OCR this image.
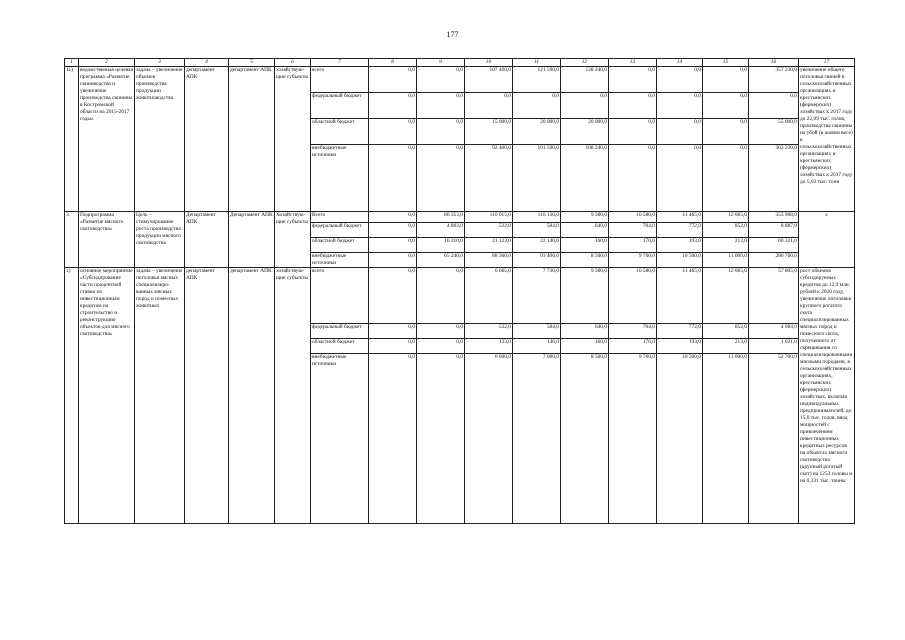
177
1	2	3	4	5	6	7	8	9	10	11	12	13	14	15	16	17
11)	ведомственная целевая программа «Развитие свиноводства и увеличение производства свинины в Костромской области на 2015-2017 годы»	задача – увеличение объемов производства продукции животноводства	департамент АПК	департамент АПК	хозяйствую-щие субъекты	всего	0,0	0,0	107 400,0	121 590,0	128 240,0	0,0	0,0	0,0	357 230,0	увеличение общего поголовья свиней в сельскохозяйственных организациях и крестьянских (фермерских) хозяйствах к 2017 году до 22,09 тыс. голов, производства свинины на убой (в живом весе) в сельскохозяйственных организациях и крестьянских (фермерских) хозяйствах к 2017 году до 5,03 тыс. тонн
						федеральный бюджет	0,0	0,0	0,0	0,0	0,0	0,0	0,0	0,0	0,0	
						областной бюджет	0,0	0,0	15 000,0	20 000,0	20 000,0	0,0	0,0	0,0	55 000,0	
						внебюджетные источники	0,0	0,0	92 400,0	101 590,0	108 240,0	0,0	0,0	0,0	302 230,0	
3.	Подпрограмма «Развитие мясного скотоводства»	Цель – стимулирование роста производства продукции мясного скотоводства	Департамент АПК	Департамент АПК	Хозяйствую-щие субъекты	Всего	0,0	86 353,0	110 015,0	116 136,0	9 300,0	10 580,0	11 465,0	12 065,0	355 908,0	х
						федеральный бюджет	0,0	4 803,0	532,0	584,0	640,0	704,0	772,0	852,0	8 887,0	
						областной бюджет	0,0	16 310,0	21 123,0	22 146,0	160,0	176,0	193,0	213,0	60 321,0	
						внебюджетные источники	0,0	65 240,0	88 360,0	93 406,0	8 500,0	9 700,0	10 500,0	11 000,0	286 700,0	
1)	основное мероприятие «Субсидирование части процентной ставки по инвестиционным кредитам на строительство и реконструкцию объектов для мясного скотоводства»	задача – увеличение поголовья мясных специализиро-ванных мясных пород и помесных животных	департамент АПК	департамент АПК	хозяйствую-щие субъекты	всего	0,0	0,0	6 665,0	7 730,0	9 300,0	10 580,0	11 465,0	12 065,0	57 805,0	рост объемов субсидируемых кредитов до 12,9 млн. рублей к 2020 году, увеличение поголовья крупного рогатого скота специализированных мясных пород и помесного скота, полученного от скрещивания со специализированными мясными породами, в сельскохозяйственных организациях, крестьянских (фермерских) хозяйствах, включая индивидуальных предпринимателей, до 15,0 тыс. голов, ввод мощностей с привлечением инвестиционных кредитных ресурсов на объектах мясного скотоводства (крупный рогатый скот) на 1253 головы и на 0,331 тыс. тонны
						федеральный бюджет	0,0	0,0	532,0	584,0	640,0	704,0	772,0	852,0	4 084,0	
						областной бюджет	0,0	0,0	133,0	146,0	160,0	176,0	193,0	213,0	1 021,0	
						внебюджетные источники	0,0	0,0	6 000,0	7 000,0	8 500,0	9 700,0	10 500,0	11 000,0	52 700,0	
